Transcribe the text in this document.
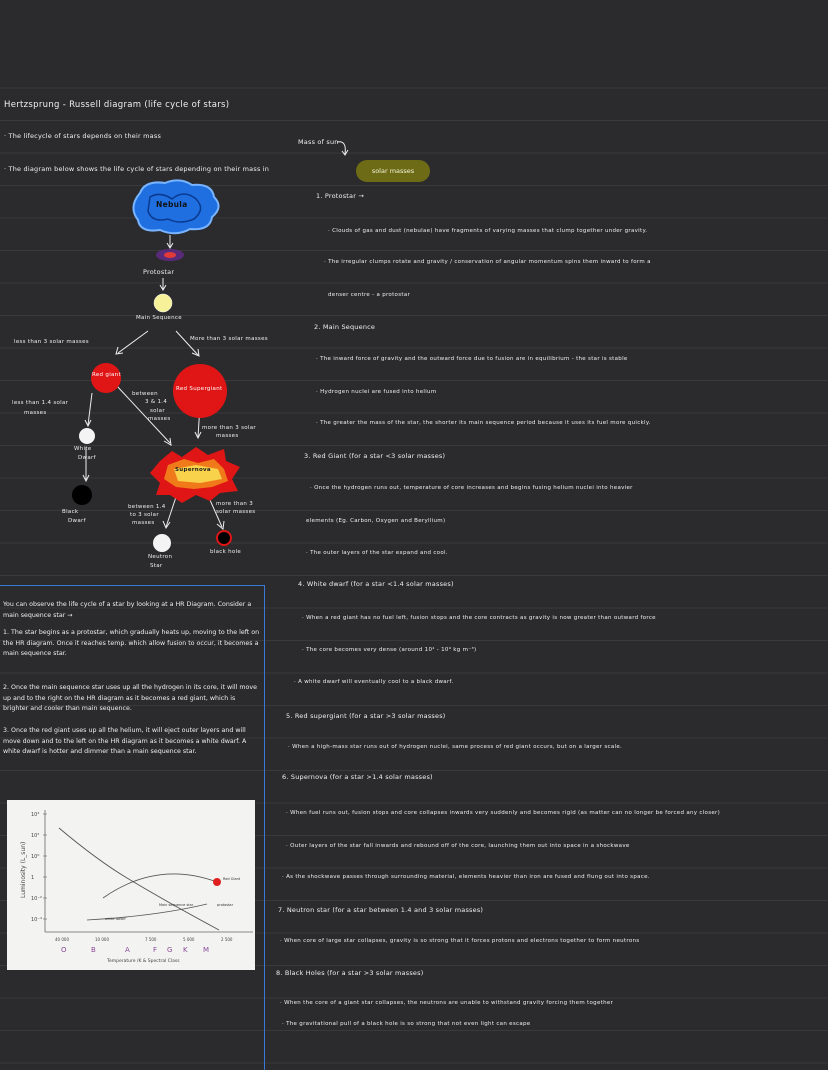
Hertzsprung - Russell diagram (life cycle of stars)
· The lifecycle of stars depends on their mass
· The diagram below shows the life cycle of stars depending on their mass in
Mass of sun
solar masses
Nebula
Protostar
Main Sequence
less than 3 solar masses	More than 3 solar masses
Red giant
Red Supergiant
less than 1.4 solar
masses
between
3 & 1.4
solar
masses
more than 3 solar
masses
White
Dwarf
Supernova
Black
Dwarf
between 1.4
to 3 solar
masses
more than 3
solar masses
black hole
Neutron
Star
1. Protostar →
· Clouds of gas and dust (nebulae) have fragments of varying masses that clump together under gravity.
· The irregular clumps rotate and gravity / conservation of angular momentum spins them inward to form a
denser centre - a protostar
2. Main Sequence
· The inward force of gravity and the outward force due to fusion are in equilibrium - the star is stable
· Hydrogen nuclei are fused into helium
· The greater the mass of the star, the shorter its main sequence period because it uses its fuel more quickly.
3. Red Giant (for a star <3 solar masses)
· Once the hydrogen runs out, temperature of core increases and begins fusing helium nuclei into heavier
elements (Eg. Carbon, Oxygen and Beryllium)
· The outer layers of the star expand and cool.
4. White dwarf (for a star <1.4 solar masses)
· When a red giant has no fuel left, fusion stops and the core contracts as gravity is now greater than outward force
· The core becomes very dense (around 10⁴ - 10⁹ kg m⁻³)
· A white dwarf will eventually cool to a black dwarf.
5. Red supergiant (for a star >3 solar masses)
· When a high-mass star runs out of hydrogen nuclei, same process of red giant occurs, but on a larger scale.
6. Supernova (for a star >1.4 solar masses)
· When fuel runs out, fusion stops and core collapses inwards very suddenly and becomes rigid (as matter can no longer be forced any closer)
· Outer layers of the star fall inwards and rebound off of the core, launching them out into space in a shockwave
· As the shockwave passes through surrounding material, elements heavier than iron are fused and flung out into space.
7. Neutron star (for a star between 1.4 and 3 solar masses)
· When core of large star collapses, gravity is so strong that it forces protons and electrons together to form neutrons
8. Black Holes (for a star >3 solar masses)
· When the core of a giant star collapses, the neutrons are unable to withstand gravity forcing them together
· The gravitational pull of a black hole is so strong that not even light can escape
You can observe the life cycle of a star by looking at a HR Diagram. Consider a main sequence star →
1. The star begins as a protostar, which gradually heats up, moving to the left on the HR diagram. Once it reaches temp. which allow fusion to occur, it becomes a main sequence star.
2. Once the main sequence star uses up all the hydrogen in its core, it will move up and to the right on the HR diagram as it becomes a red giant, which is brighter and cooler than main sequence.
3. Once the red giant uses up all the helium, it will eject outer layers and will move down and to the left on the HR diagram as it becomes a white dwarf. A white dwarf is hotter and dimmer than a main sequence star.
Luminosity (L_sun)
10⁴
10²
10⁰
1
10⁻²
10⁻⁴
Red Giant
Main sequence star	protostar
white dwarf
40 000	10 000	7 500	5 000	2 500
O	B	A	F G K M
Temperature /K & Spectral Class
